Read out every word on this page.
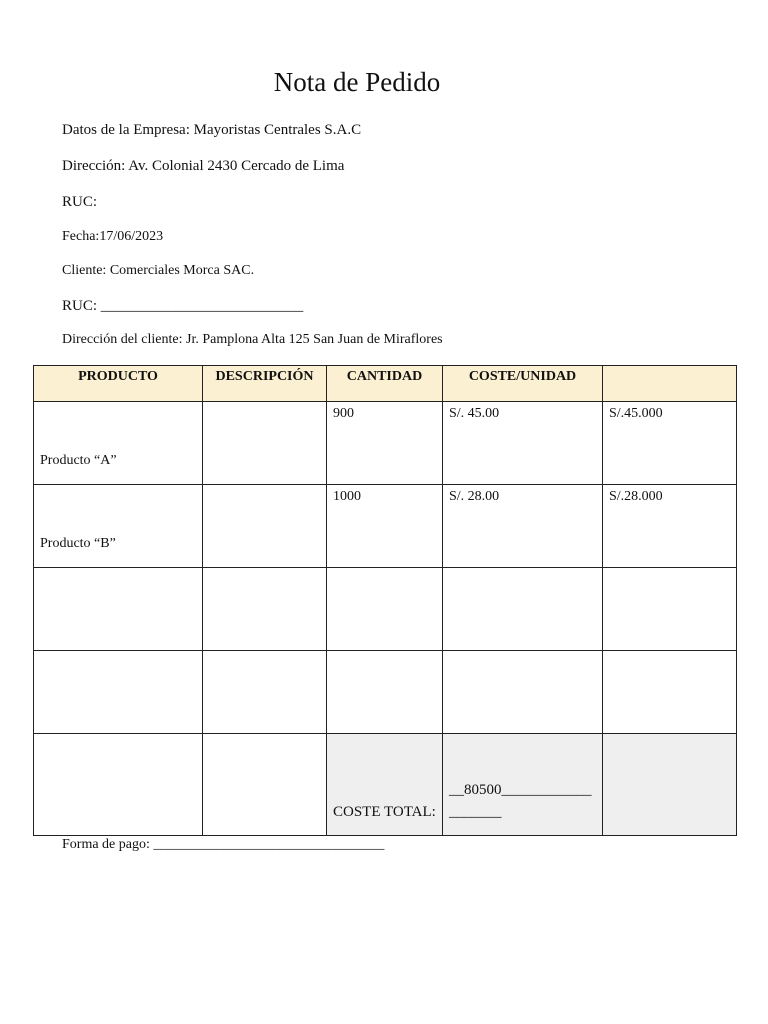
Nota de Pedido
Datos de la Empresa: Mayoristas Centrales S.A.C
Dirección: Av. Colonial 2430 Cercado de Lima
RUC:
Fecha:17/06/2023
Cliente: Comerciales Morca SAC.
RUC: ___________________________
Dirección del cliente: Jr. Pamplona Alta 125 San Juan de Miraflores
PRODUCTO	DESCRIPCIÓN	CANTIDAD	COSTE/UNIDAD	
Producto “A”		900	S/. 45.00	S/.45.000
Producto “B”		1000	S/. 28.00	S/.28.000

		COSTE TOTAL:	__80500____________ _______	
Forma de pago: _________________________________
